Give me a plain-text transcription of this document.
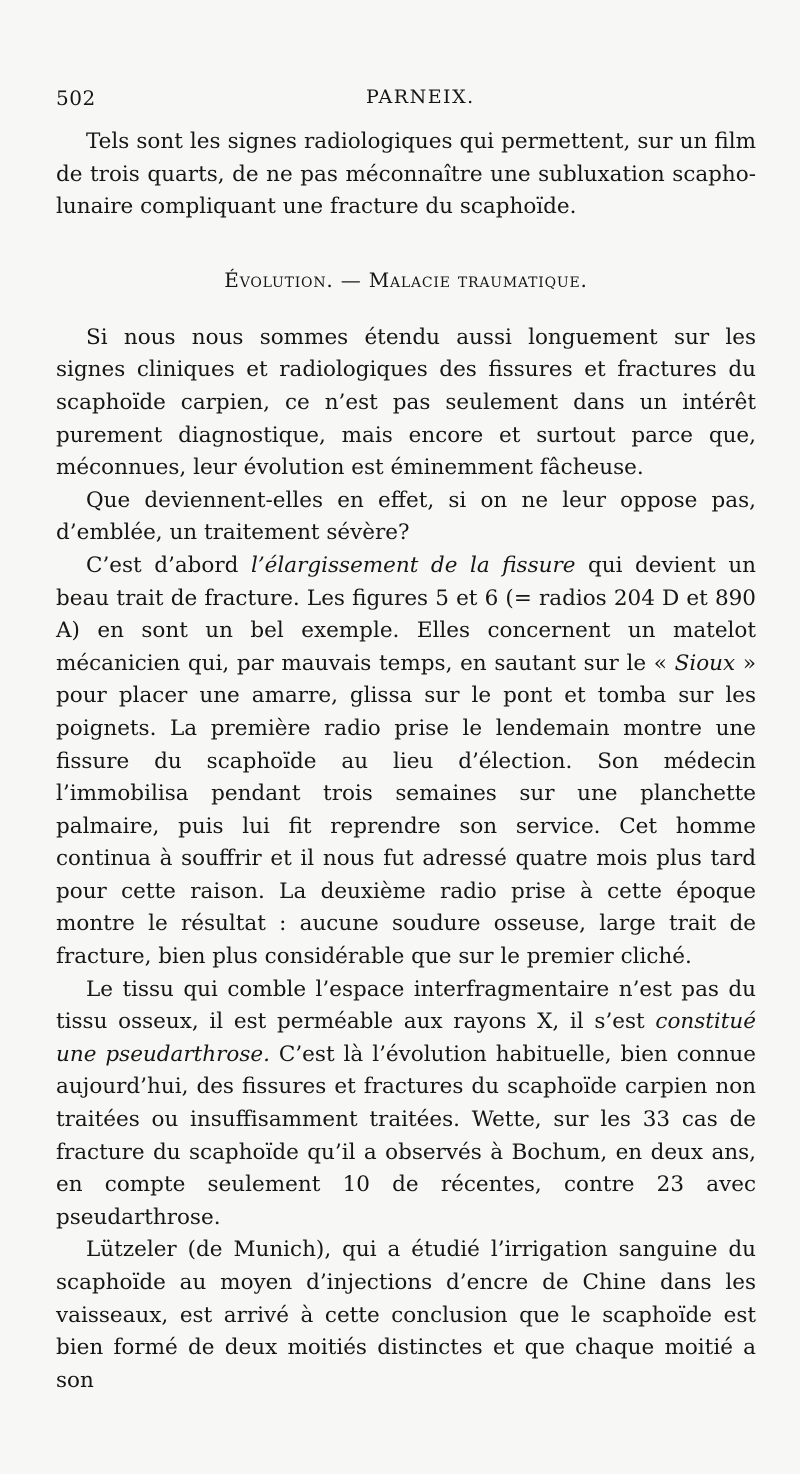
502	PARNEIX.

Tels sont les signes radiologiques qui permettent, sur un film de trois quarts, de ne pas méconnaître une subluxation scapho-lunaire compliquant une fracture du scaphoïde.

Évolution. — Malacie traumatique.

Si nous nous sommes étendu aussi longuement sur les signes cliniques et radiologiques des fissures et fractures du scaphoïde carpien, ce n’est pas seulement dans un intérêt purement diagnostique, mais encore et surtout parce que, méconnues, leur évolution est éminemment fâcheuse.

Que deviennent-elles en effet, si on ne leur oppose pas, d’emblée, un traitement sévère?

C’est d’abord l’élargissement de la fissure qui devient un beau trait de fracture. Les figures 5 et 6 (= radios 204 D et 890 A) en sont un bel exemple. Elles concernent un matelot mécanicien qui, par mauvais temps, en sautant sur le « Sioux » pour placer une amarre, glissa sur le pont et tomba sur les poignets. La première radio prise le lendemain montre une fissure du scaphoïde au lieu d’élection. Son médecin l’immobilisa pendant trois semaines sur une planchette palmaire, puis lui fit reprendre son service. Cet homme continua à souffrir et il nous fut adressé quatre mois plus tard pour cette raison. La deuxième radio prise à cette époque montre le résultat : aucune soudure osseuse, large trait de fracture, bien plus considérable que sur le premier cliché.

Le tissu qui comble l’espace interfragmentaire n’est pas du tissu osseux, il est perméable aux rayons X, il s’est constitué une pseudarthrose. C’est là l’évolution habituelle, bien connue aujourd’hui, des fissures et fractures du scaphoïde carpien non traitées ou insuffisamment traitées. Wette, sur les 33 cas de fracture du scaphoïde qu’il a observés à Bochum, en deux ans, en compte seulement 10 de récentes, contre 23 avec pseudarthrose.

Lützeler (de Munich), qui a étudié l’irrigation sanguine du scaphoïde au moyen d’injections d’encre de Chine dans les vaisseaux, est arrivé à cette conclusion que le scaphoïde est bien formé de deux moitiés distinctes et que chaque moitié a son
